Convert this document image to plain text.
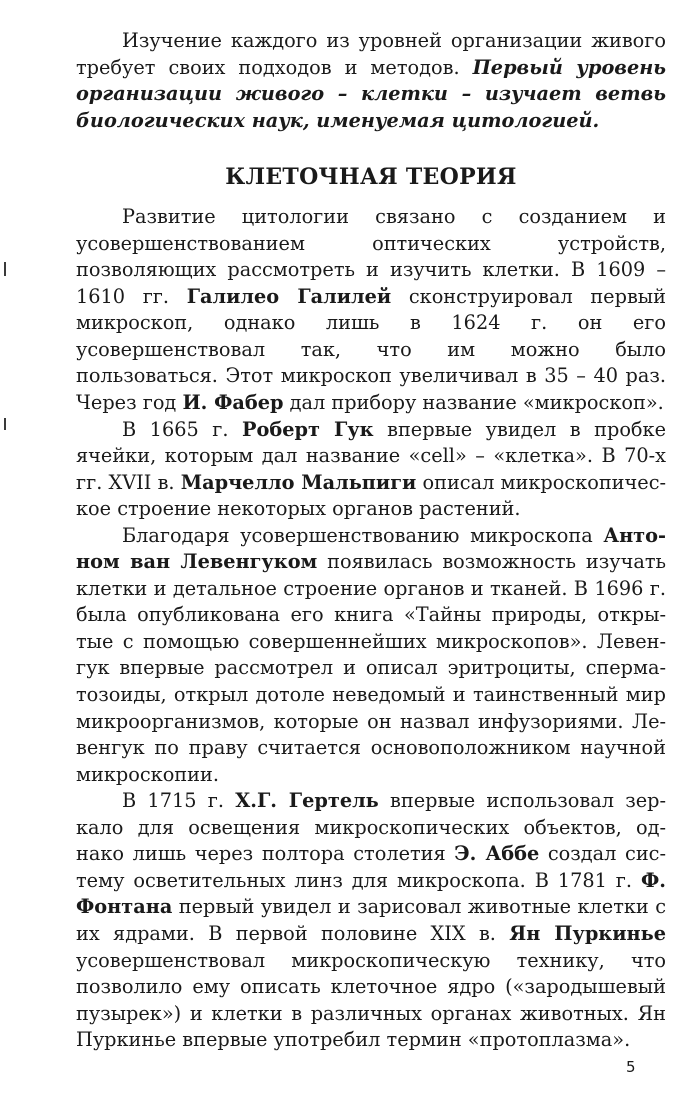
Изучение каждого из уровней организации живого требует своих подходов и методов. Первый уровень организации живого – клетки – изучает ветвь биологических наук, именуемая цитологией.

КЛЕТОЧНАЯ ТЕОРИЯ

Развитие цитологии связано с созданием и усовершенствованием оптических устройств, позволяющих рассмотреть и изучить клетки. В 1609 – 1610 гг. Галилео Галилей сконструировал первый микроскоп, однако лишь в 1624 г. он его усовершенствовал так, что им можно было пользоваться. Этот микроскоп увеличивал в 35 – 40 раз. Через год И. Фабер дал прибору название «микроскоп».

В 1665 г. Роберт Гук впервые увидел в пробке ячейки, которым дал название «cell» – «клетка». В 70-х гг. XVII в. Марчелло Мальпиги описал микроскопическое строение некоторых органов растений.

Благодаря усовершенствованию микроскопа Антоном ван Левенгуком появилась возможность изучать клетки и детальное строение органов и тканей. В 1696 г. была опубликована его книга «Тайны природы, открытые с помощью совершеннейших микроскопов». Левенгук впервые рассмотрел и описал эритроциты, сперматозоиды, открыл дотоле неведомый и таинственный мир микроорганизмов, которые он назвал инфузориями. Левенгук по праву считается основоположником научной микроскопии.

В 1715 г. Х.Г. Гертель впервые использовал зеркало для освещения микроскопических объектов, однако лишь через полтора столетия Э. Аббе создал систему осветительных линз для микроскопа. В 1781 г. Ф. Фонтана первый увидел и зарисовал животные клетки с их ядрами. В первой половине XIX в. Ян Пуркинье усовершенствовал микроскопическую технику, что позволило ему описать клеточное ядро («зародышевый пузырек») и клетки в различных органах животных. Ян Пуркинье впервые употребил термин «протоплазма».

5
